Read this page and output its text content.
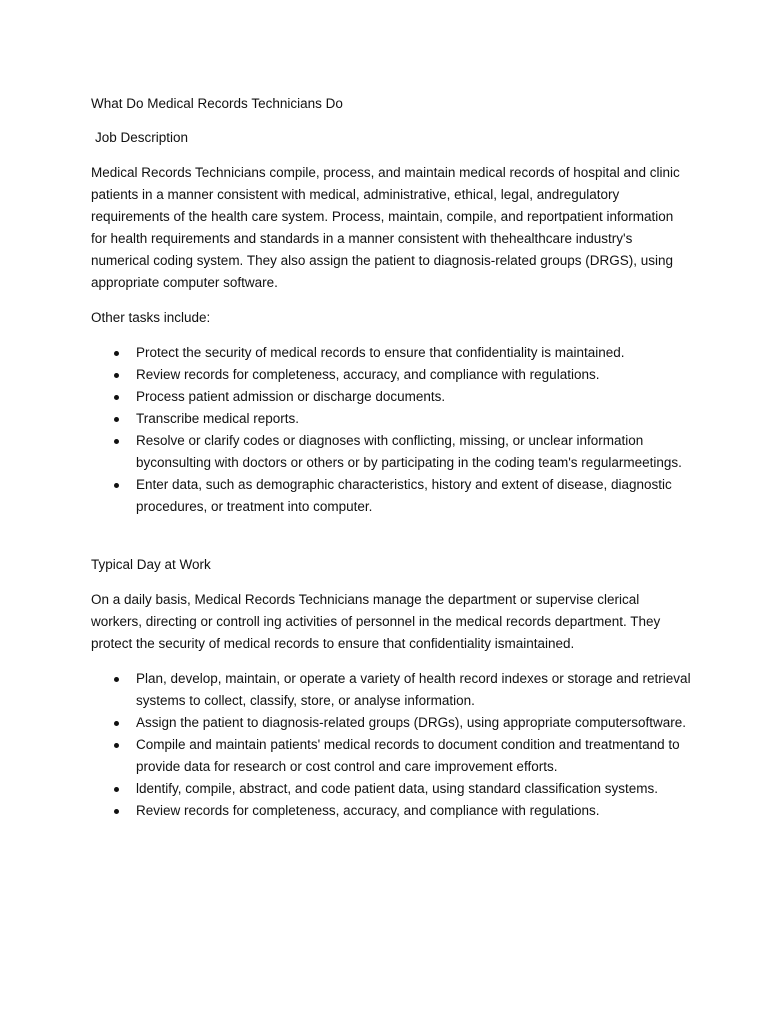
What Do Medical Records Technicians Do

Job Description

Medical Records Technicians compile, process, and maintain medical records of hospital and clinic patients in a manner consistent with medical, administrative, ethical, legal, andregulatory requirements of the health care system. Process, maintain, compile, and reportpatient information for health requirements and standards in a manner consistent with thehealthcare industry's numerical coding system. They also assign the patient to diagnosis-related groups (DRGS), using appropriate computer software.

Other tasks include:

Protect the security of medical records to ensure that confidentiality is maintained.
Review records for completeness, accuracy, and compliance with regulations.
Process patient admission or discharge documents.
Transcribe medical reports.
Resolve or clarify codes or diagnoses with conflicting, missing, or unclear information byconsulting with doctors or others or by participating in the coding team's regularmeetings.
Enter data, such as demographic characteristics, history and extent of disease, diagnostic procedures, or treatment into computer.

Typical Day at Work

On a daily basis, Medical Records Technicians manage the department or supervise clerical workers, directing or controll ing activities of personnel in the medical records department. They protect the security of medical records to ensure that confidentiality ismaintained.

Plan, develop, maintain, or operate a variety of health record indexes or storage and retrieval systems to collect, classify, store, or analyse information.
Assign the patient to diagnosis-related groups (DRGs), using appropriate computersoftware.
Compile and maintain patients' medical records to document condition and treatmentand to provide data for research or cost control and care improvement efforts.
ldentify, compile, abstract, and code patient data, using standard classification systems.
Review records for completeness, accuracy, and compliance with regulations.
